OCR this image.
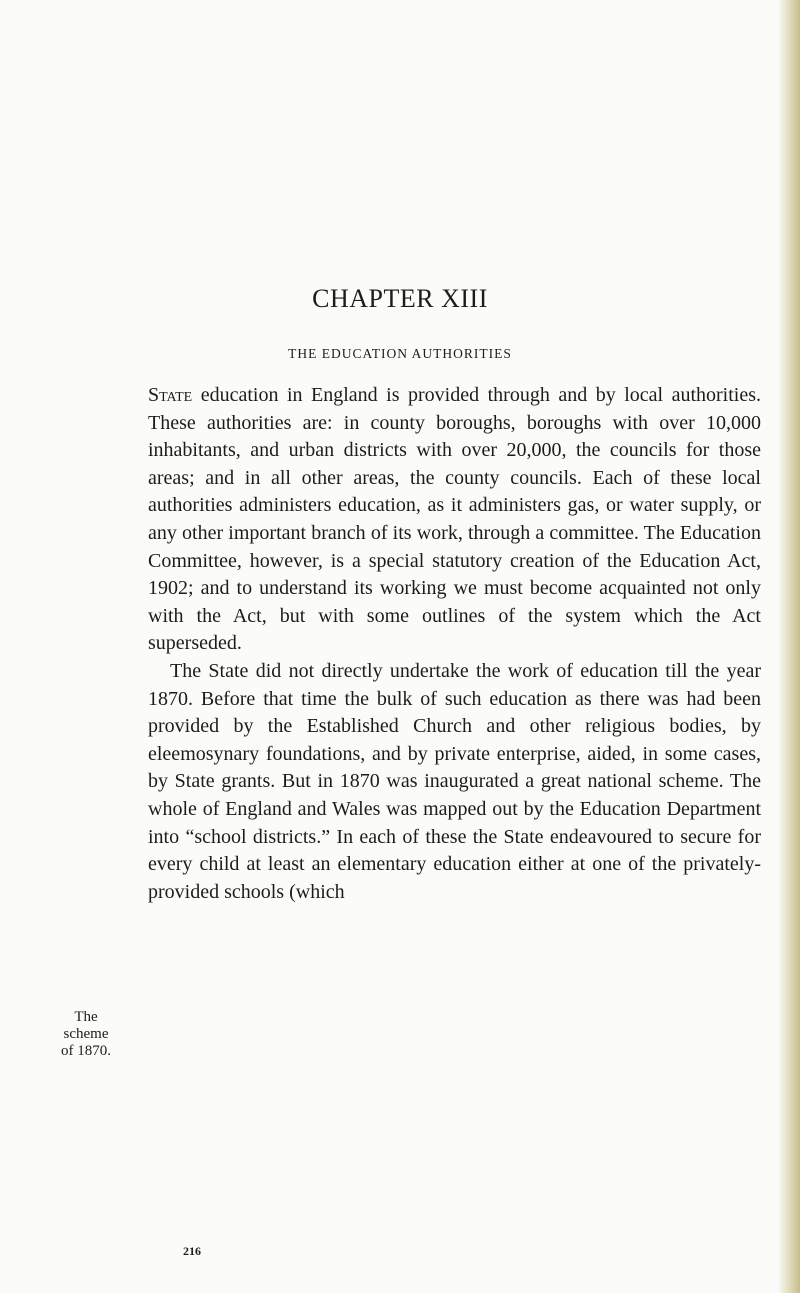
CHAPTER XIII
THE EDUCATION AUTHORITIES

State education in England is provided through and by local authorities. These authorities are: in county boroughs, boroughs with over 10,000 inhabitants, and urban districts with over 20,000, the councils for those areas; and in all other areas, the county councils. Each of these local authorities administers education, as it administers gas, or water supply, or any other important branch of its work, through a committee. The Education Committee, however, is a special statutory creation of the Education Act, 1902; and to understand its working we must become acquainted not only with the Act, but with some outlines of the system which the Act superseded.

The State did not directly undertake the work of education till the year 1870. Before that time the bulk of such education as there was had been provided by the Established Church and other religious bodies, by eleemosynary foundations, and by private enterprise, aided, in some cases, by State grants. But in 1870 was inaugurated a great national scheme. The whole of England and Wales was mapped out by the Education Department into “school districts.” In each of these the State endeavoured to secure for every child at least an elementary education either at one of the privately-provided schools (which

The
scheme
of 1870.
216
